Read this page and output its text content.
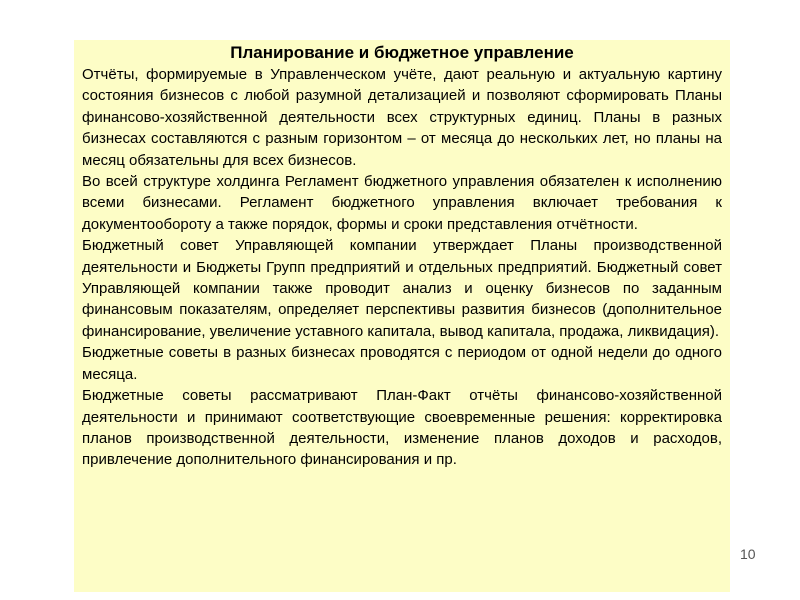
Планирование и бюджетное управление

Отчёты, формируемые в Управленческом учёте, дают реальную и актуальную картину состояния бизнесов с любой разумной детализацией и позволяют сформировать Планы финансово-хозяйственной деятельности всех структурных единиц. Планы в разных бизнесах составляются с разным горизонтом – от месяца до нескольких лет, но планы на месяц обязательны для всех бизнесов.

Во всей структуре холдинга Регламент бюджетного управления обязателен к исполнению всеми бизнесами. Регламент бюджетного управления включает требования к документообороту а также порядок, формы и сроки представления отчётности.

Бюджетный совет Управляющей компании утверждает Планы производственной деятельности и Бюджеты Групп предприятий и отдельных предприятий. Бюджетный совет Управляющей компании также проводит анализ и оценку бизнесов по заданным финансовым показателям, определяет перспективы развития бизнесов (дополнительное финансирование, увеличение уставного капитала, вывод капитала, продажа, ликвидация).

Бюджетные советы в разных бизнесах проводятся с периодом от одной недели до одного месяца.

Бюджетные советы рассматривают План-Факт отчёты финансово-хозяйственной деятельности и принимают соответствующие своевременные решения: корректировка планов производственной деятельности, изменение планов доходов и расходов, привлечение дополнительного финансирования и пр.

10
